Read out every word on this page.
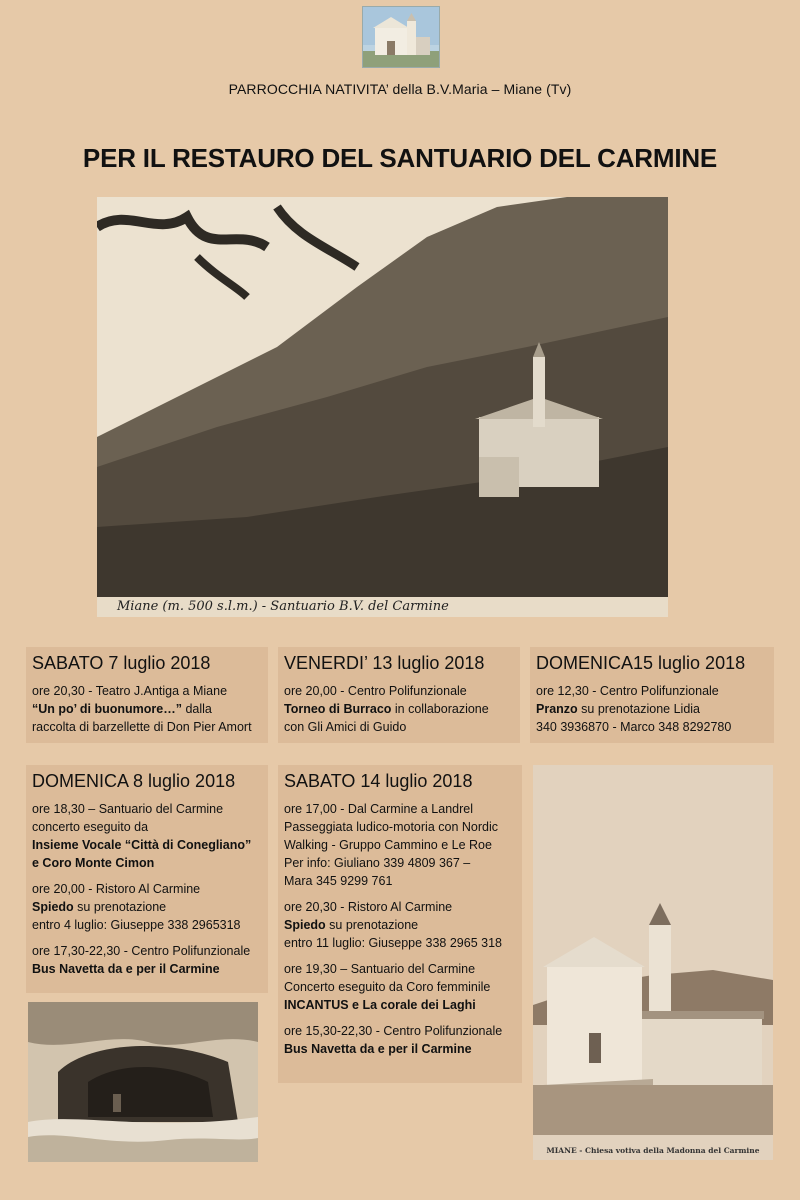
PARROCCHIA NATIVITA’ della B.V.Maria – Miane (Tv)
PER IL RESTAURO DEL SANTUARIO DEL CARMINE
Miane (m. 500 s.l.m.) - Santuario B.V. del Carmine
SABATO 7 luglio 2018

ore 20,30 - Teatro J.Antiga a Miane
“Un po’ di buonumore…” dalla
raccolta di barzellette di Don Pier Amort

VENERDI’ 13 luglio 2018

ore 20,00 - Centro Polifunzionale
Torneo di Burraco in collaborazione
con Gli Amici di Guido

DOMENICA15 luglio 2018

ore 12,30 - Centro Polifunzionale
Pranzo su prenotazione Lidia
340 3936870 - Marco 348 8292780

DOMENICA 8 luglio 2018

ore 18,30 – Santuario del Carmine
concerto eseguito da
Insieme Vocale “Città di Conegliano”
e Coro Monte Cimon

ore 20,00 - Ristoro Al Carmine
Spiedo su prenotazione
entro 4 luglio: Giuseppe 338 2965318

ore 17,30-22,30 - Centro Polifunzionale
Bus Navetta da e per il Carmine

SABATO 14 luglio 2018

ore 17,00 - Dal Carmine a Landrel
Passeggiata ludico-motoria con Nordic
Walking - Gruppo Cammino e Le Roe
Per info: Giuliano 339 4809 367 –
Mara 345 9299 761

ore 20,30 - Ristoro Al Carmine
Spiedo su prenotazione
entro 11 luglio: Giuseppe 338 2965 318

ore 19,30 – Santuario del Carmine
Concerto eseguito da Coro femminile
INCANTUS e La corale dei Laghi

ore 15,30-22,30 - Centro Polifunzionale
Bus Navetta da e per il Carmine

MIANE - Chiesa votiva della Madonna del Carmine
